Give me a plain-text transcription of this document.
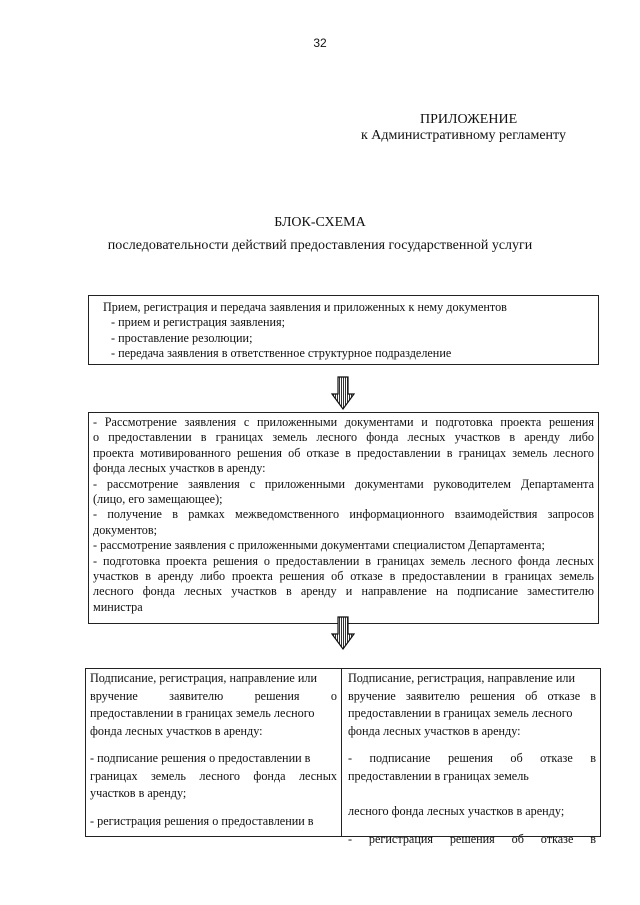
32
ПРИЛОЖЕНИЕ
к Административному регламенту
БЛОК-СХЕМА
последовательности действий предоставления государственной услуги
Прием, регистрация и передача заявления и приложенных к нему документов
- прием и регистрация заявления;
- проставление резолюции;
- передача заявления в ответственное структурное подразделение
- Рассмотрение заявления с приложенными документами и подготовка проекта решения
о предоставлении в границах земель лесного фонда лесных участков в аренду либо
проекта мотивированного решения об отказе в предоставлении в границах земель лесного
фонда лесных участков в аренду:
- рассмотрение заявления с приложенными документами руководителем Департамента
(лицо, его замещающее);
- получение в рамках межведомственного информационного взаимодействия запросов
документов;
- рассмотрение заявления с приложенными документами специалистом Департамента;
- подготовка проекта решения о предоставлении в границах земель лесного фонда лесных
участков в аренду либо проекта решения об отказе в предоставлении в границах земель
лесного фонда лесных участков в аренду и направление на подписание заместителю
министра
Подписание, регистрация, направление или
вручение заявителю решения о
предоставлении в границах земель лесного
фонда лесных участков в аренду:
- подписание решения о предоставлении в
границах земель лесного фонда лесных
участков в аренду;
- регистрация решения о предоставлении в
Подписание, регистрация, направление или
вручение заявителю решения об отказе в
предоставлении в границах земель лесного
фонда лесных участков в аренду:
- подписание решения об отказе в
предоставлении в границах земель
лесного фонда лесных участков в аренду;
- регистрация решения об отказе в
